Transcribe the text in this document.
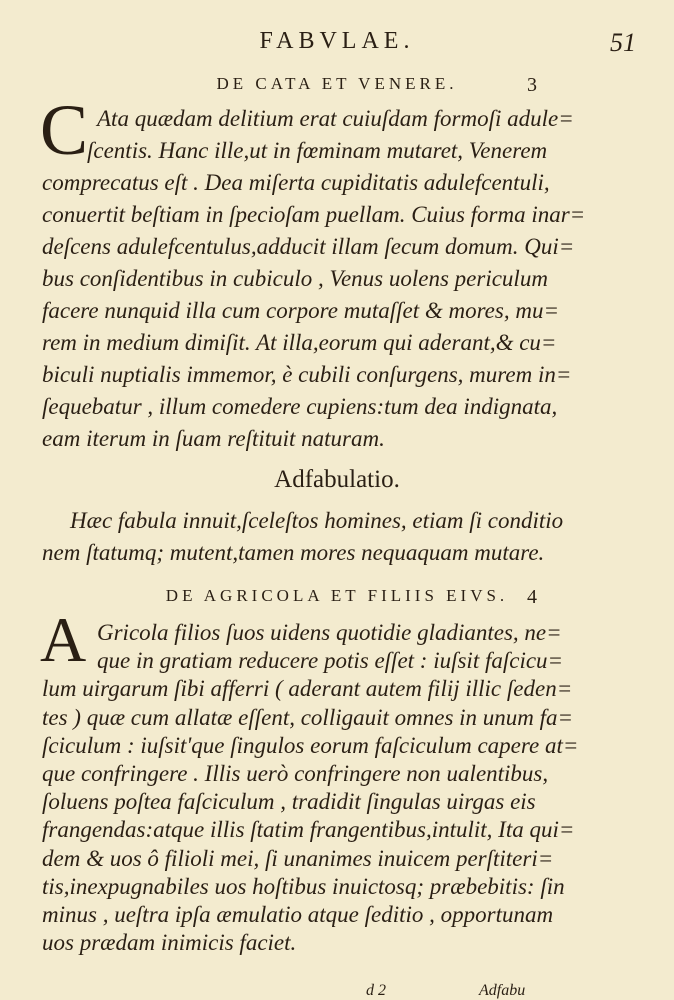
FABVLAE.	51
DE CATA ET VENERE.	3
C Ata quædam delitium erat cuiuſdam formoſi adule=
ſcentis. Hanc ille,ut in fœminam mutaret, Venerem
comprecatus eſt . Dea miſerta cupiditatis adulefcentuli,
conuertit beſtiam in ſpecioſam puellam. Cuius forma inar=
deſcens adulefcentulus,adducit illam ſecum domum. Qui=
bus conſidentibus in cubiculo , Venus uolens periculum
facere nunquid illa cum corpore mutaſſet & mores, mu=
rem in medium dimiſit. At illa,eorum qui aderant,& cu=
biculi nuptialis immemor, è cubili conſurgens, murem in=
ſequebatur , illum comedere cupiens:tum dea indignata,
eam iterum in ſuam reſtituit naturam.
Adfabulatio.
Hæc fabula innuit,ſceleſtos homines, etiam ſi conditio
nem ſtatumq; mutent,tamen mores nequaquam mutare.
DE AGRICOLA ET FILIIS EIVS. 4
A Gricola filios ſuos uidens quotidie gladiantes, ne=
que in gratiam reducere potis eſſet : iuſsit faſcicu=
lum uirgarum ſibi afferri ( aderant autem filij illic ſeden=
tes ) quæ cum allatæ eſſent, colligauit omnes in unum fa=
ſciculum : iuſsit'que ſingulos eorum faſciculum capere at=
que confringere . Illis uerò confringere non ualentibus,
ſoluens poſtea faſciculum , tradidit ſingulas uirgas eis
frangendas:atque illis ſtatim frangentibus,intulit, Ita qui=
dem & uos ô filioli mei, ſi unanimes inuicem perſtiteri=
tis,inexpugnabiles uos hoſtibus inuictosq; præbebitis: ſin
minus , ueſtra ipſa æmulatio atque ſeditio , opportunam
uos prædam inimicis faciet.
d 2	Adfabu
